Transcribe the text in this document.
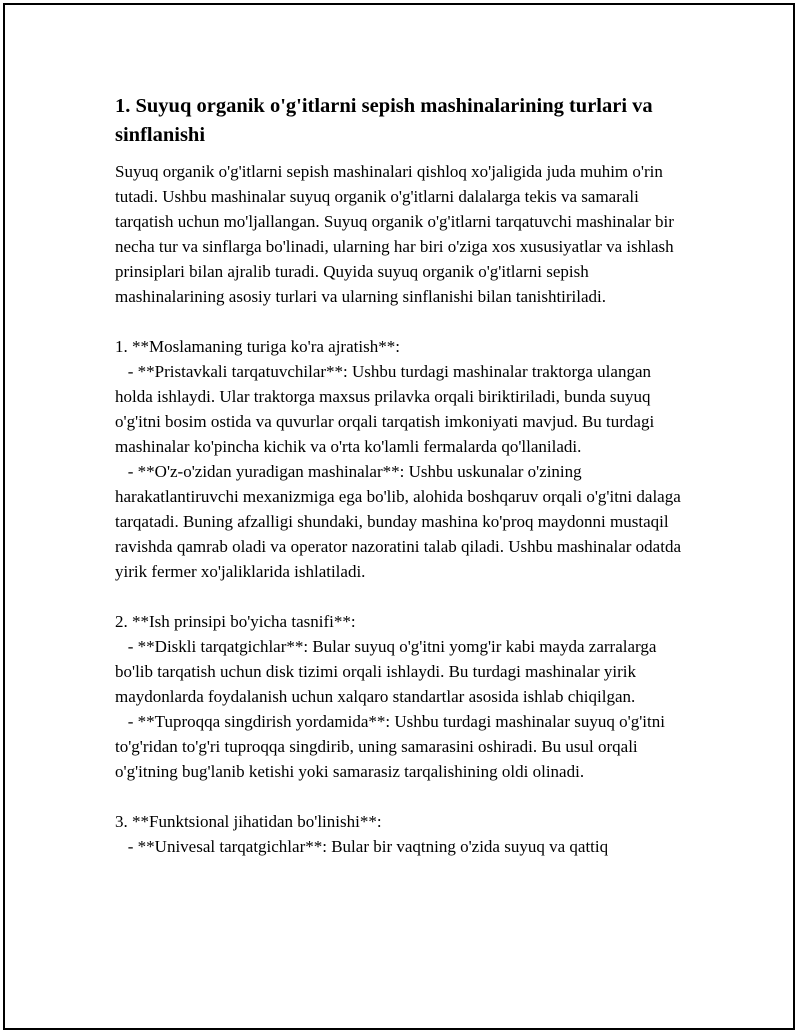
1. Suyuq organik o'g'itlarni sepish mashinalarining turlari va sinflanishi

Suyuq organik o'g'itlarni sepish mashinalari qishloq xo'jaligida juda muhim o'rin tutadi. Ushbu mashinalar suyuq organik o'g'itlarni dalalarga tekis va samarali tarqatish uchun mo'ljallangan. Suyuq organik o'g'itlarni tarqatuvchi mashinalar bir necha tur va sinflarga bo'linadi, ularning har biri o'ziga xos xususiyatlar va ishlash prinsiplari bilan ajralib turadi. Quyida suyuq organik o'g'itlarni sepish mashinalarining asosiy turlari va ularning sinflanishi bilan tanishtiriladi.

1. **Moslamaning turiga ko'ra ajratish**:
- **Pristavkali tarqatuvchilar**: Ushbu turdagi mashinalar traktorga ulangan holda ishlaydi. Ular traktorga maxsus prilavka orqali biriktiriladi, bunda suyuq o'g'itni bosim ostida va quvurlar orqali tarqatish imkoniyati mavjud. Bu turdagi mashinalar ko'pincha kichik va o'rta ko'lamli fermalarda qo'llaniladi.
- **O'z-o'zidan yuradigan mashinalar**: Ushbu uskunalar o'zining harakatlantiruvchi mexanizmiga ega bo'lib, alohida boshqaruv orqali o'g'itni dalaga tarqatadi. Buning afzalligi shundaki, bunday mashina ko'proq maydonni mustaqil ravishda qamrab oladi va operator nazoratini talab qiladi. Ushbu mashinalar odatda yirik fermer xo'jaliklarida ishlatiladi.

2. **Ish prinsipi bo'yicha tasnifi**:
- **Diskli tarqatgichlar**: Bular suyuq o'g'itni yomg'ir kabi mayda zarralarga bo'lib tarqatish uchun disk tizimi orqali ishlaydi. Bu turdagi mashinalar yirik maydonlarda foydalanish uchun xalqaro standartlar asosida ishlab chiqilgan.
- **Tuproqqa singdirish yordamida**: Ushbu turdagi mashinalar suyuq o'g'itni to'g'ridan to'g'ri tuproqqa singdirib, uning samarasini oshiradi. Bu usul orqali o'g'itning bug'lanib ketishi yoki samarasiz tarqalishining oldi olinadi.

3. **Funktsional jihatidan bo'linishi**:
- **Univesal tarqatgichlar**: Bular bir vaqtning o'zida suyuq va qattiq
